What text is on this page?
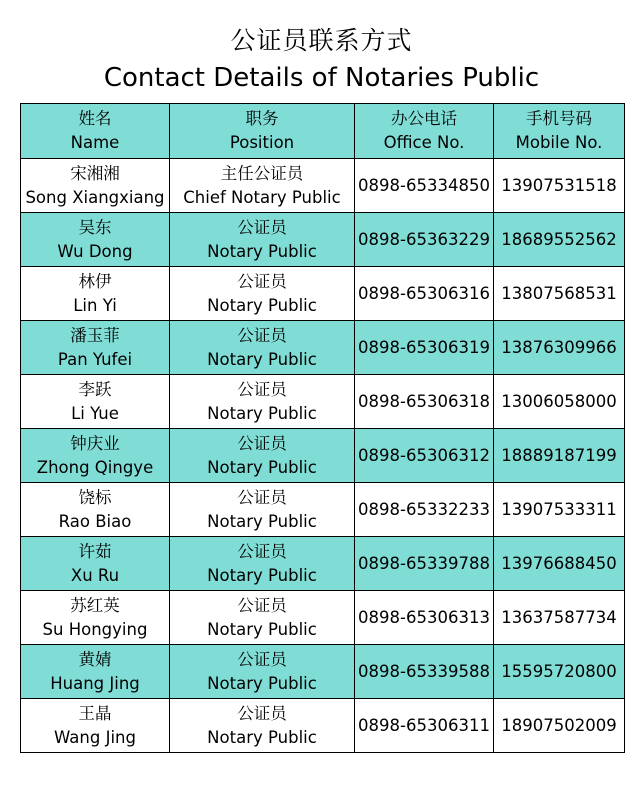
公证员联系方式
Contact Details of Notaries Public
姓名
Name	职务
Position	办公电话
Office No.	手机号码
Mobile No.

宋湘湘
Song Xiangxiang	主任公证员
Chief Notary Public	0898-65334850	13907531518

吴东
Wu Dong	公证员
Notary Public	0898-65363229	18689552562

林伊
Lin Yi	公证员
Notary Public	0898-65306316	13807568531

潘玉菲
Pan Yufei	公证员
Notary Public	0898-65306319	13876309966

李跃
Li Yue	公证员
Notary Public	0898-65306318	13006058000

钟庆业
Zhong Qingye	公证员
Notary Public	0898-65306312	18889187199

饶标
Rao Biao	公证员
Notary Public	0898-65332233	13907533311

许茹
Xu Ru	公证员
Notary Public	0898-65339788	13976688450

苏红英
Su Hongying	公证员
Notary Public	0898-65306313	13637587734

黄婧
Huang Jing	公证员
Notary Public	0898-65339588	15595720800

王晶
Wang Jing	公证员
Notary Public	0898-65306311	18907502009
